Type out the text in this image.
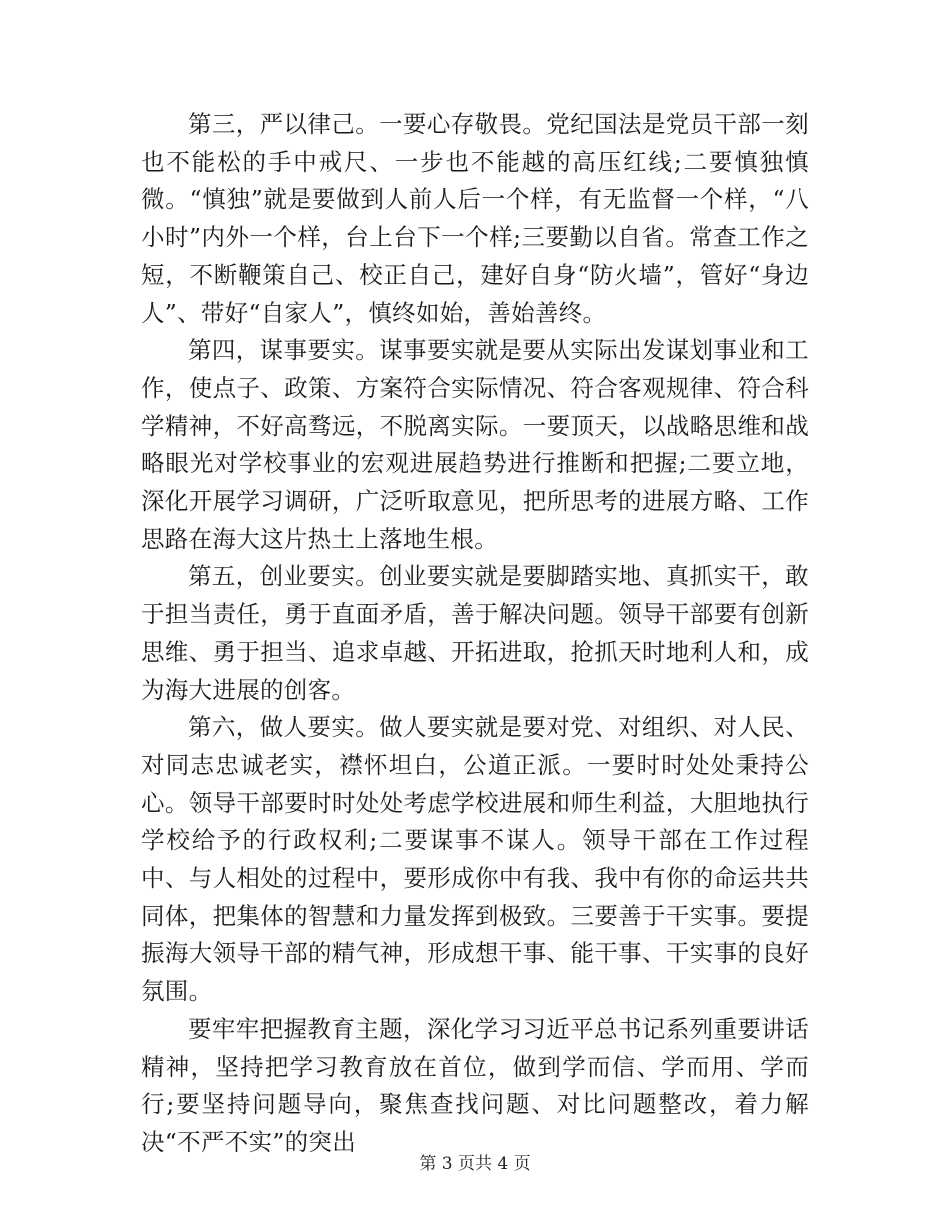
第三，严以律己。一要心存敬畏。党纪国法是党员干部一刻也不能松的手中戒尺、一步也不能越的高压红线;二要慎独慎微。“慎独”就是要做到人前人后一个样，有无监督一个样，“八小时”内外一个样，台上台下一个样;三要勤以自省。常查工作之短，不断鞭策自己、校正自己，建好自身“防火墙”，管好“身边人”、带好“自家人”，慎终如始，善始善终。

第四，谋事要实。谋事要实就是要从实际出发谋划事业和工作，使点子、政策、方案符合实际情况、符合客观规律、符合科学精神，不好高骛远，不脱离实际。一要顶天，以战略思维和战略眼光对学校事业的宏观进展趋势进行推断和把握;二要立地，深化开展学习调研，广泛听取意见，把所思考的进展方略、工作思路在海大这片热土上落地生根。

第五，创业要实。创业要实就是要脚踏实地、真抓实干，敢于担当责任，勇于直面矛盾，善于解决问题。领导干部要有创新思维、勇于担当、追求卓越、开拓进取，抢抓天时地利人和，成为海大进展的创客。

第六，做人要实。做人要实就是要对党、对组织、对人民、对同志忠诚老实，襟怀坦白，公道正派。一要时时处处秉持公心。领导干部要时时处处考虑学校进展和师生利益，大胆地执行学校给予的行政权利;二要谋事不谋人。领导干部在工作过程中、与人相处的过程中，要形成你中有我、我中有你的命运共共同体，把集体的智慧和力量发挥到极致。三要善于干实事。要提振海大领导干部的精气神，形成想干事、能干事、干实事的良好氛围。

要牢牢把握教育主题，深化学习习近平总书记系列重要讲话精神，坚持把学习教育放在首位，做到学而信、学而用、学而行;要坚持问题导向，聚焦查找问题、对比问题整改，着力解决“不严不实”的突出

第 3 页共 4 页
